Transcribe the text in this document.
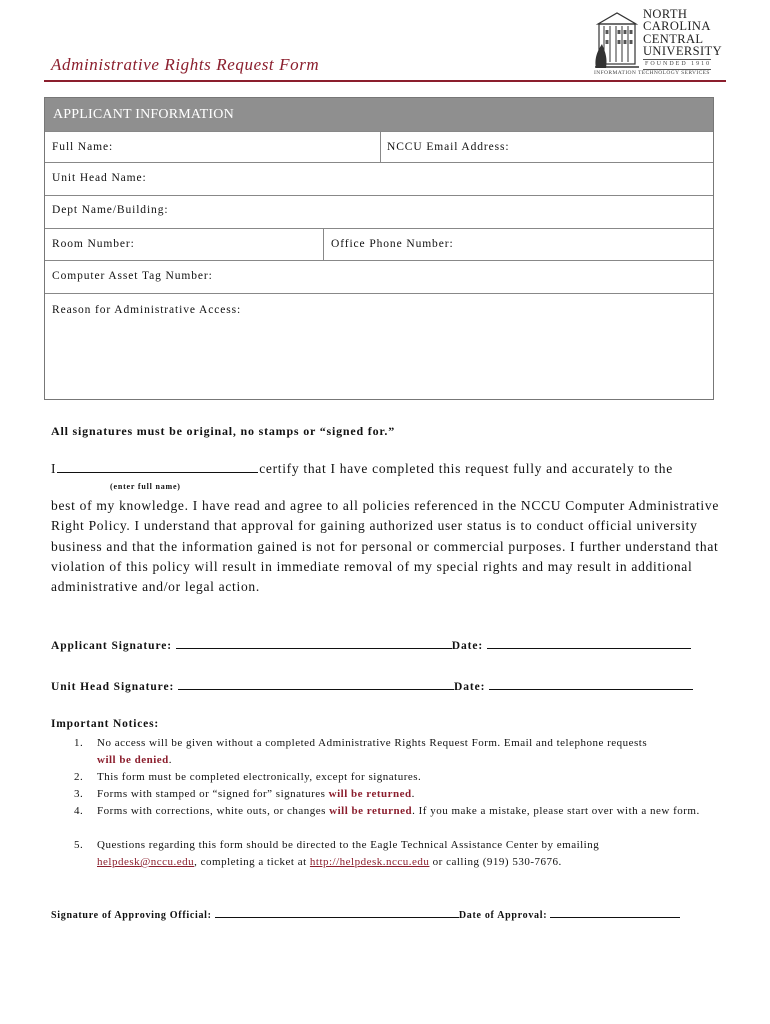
Administrative Rights Request Form
NORTH
CAROLINA
CENTRAL
UNIVERSITY
FOUNDED 1910
INFORMATION TECHNOLOGY SERVICES
APPLICANT INFORMATION
Full Name:	NCCU Email Address:
Unit Head Name:
Dept Name/Building:
Room Number:	Office Phone Number:
Computer Asset Tag Number:
Reason for Administrative Access:
All signatures must be original, no stamps or “signed for.”
I	certify that I have completed this request fully and accurately to the
(enter full name)
best of my knowledge. I have read and agree to all policies referenced in the NCCU Computer Administrative Right Policy. I understand that approval for gaining authorized user status is to conduct official university business and that the information gained is not for personal or commercial purposes. I further understand that violation of this policy will result in immediate removal of my special rights and may result in additional administrative and/or legal action.
Applicant Signature:	Date:
Unit Head Signature:	Date:
Important Notices:
1. No access will be given without a completed Administrative Rights Request Form. Email and telephone requests
will be denied.
2. This form must be completed electronically, except for signatures.
3. Forms with stamped or “signed for” signatures will be returned.
4. Forms with corrections, white outs, or changes will be returned. If you make a mistake, please start over with a new form.
5. Questions regarding this form should be directed to the Eagle Technical Assistance Center by emailing
helpdesk@nccu.edu, completing a ticket at http://helpdesk.nccu.edu or calling (919) 530-7676.
Signature of Approving Official:	Date of Approval:
